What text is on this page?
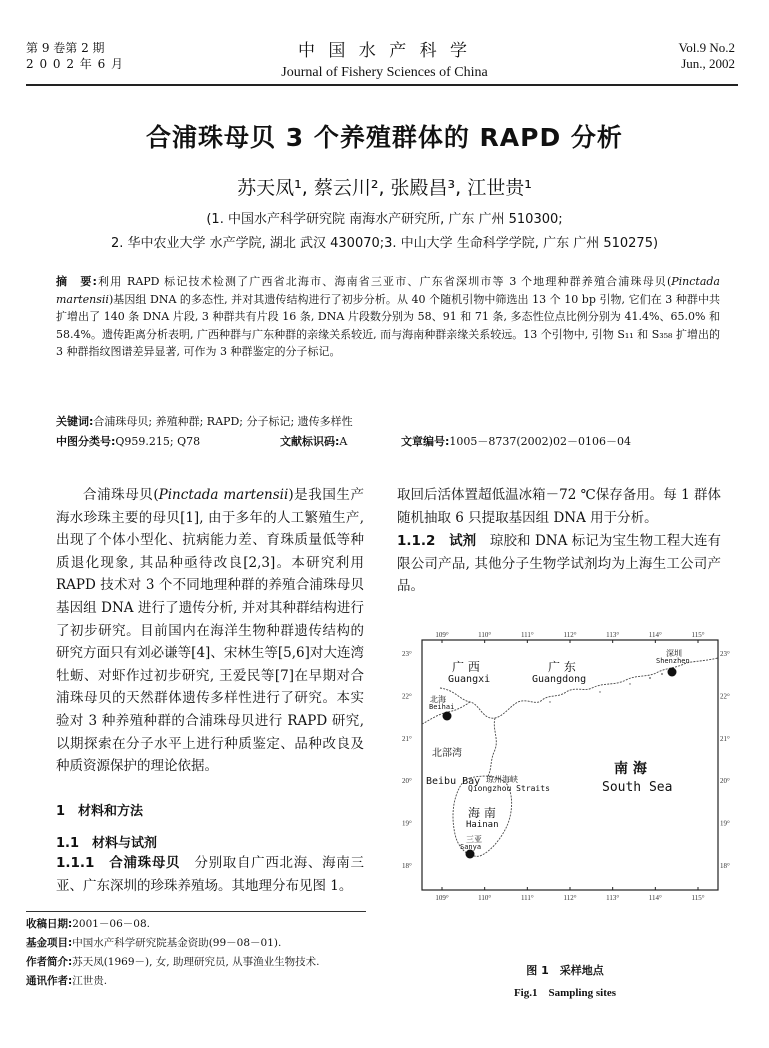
第 9 卷第 2 期
2 0 0 2 年 6 月
中 国 水 产 科 学
Journal of Fishery Sciences of China
Vol.9 No.2
Jun., 2002
合浦珠母贝 3 个养殖群体的 RAPD 分析
苏天凤¹, 蔡云川², 张殿昌³, 江世贵¹
(1. 中国水产科学研究院 南海水产研究所, 广东 广州 510300;
2. 华中农业大学 水产学院, 湖北 武汉 430070;3. 中山大学 生命科学学院, 广东 广州 510275)
摘　要:利用 RAPD 标记技术检测了广西省北海市、海南省三亚市、广东省深圳市等 3 个地理种群养殖合浦珠母贝(Pinctada martensii)基因组 DNA 的多态性, 并对其遗传结构进行了初步分析。从 40 个随机引物中筛选出 13 个 10 bp 引物, 它们在 3 种群中共扩增出了 140 条 DNA 片段, 3 种群共有片段 16 条, DNA 片段数分别为 58、91 和 71 条, 多态性位点比例分别为 41.4%、65.0% 和 58.4%。遗传距离分析表明, 广西种群与广东种群的亲缘关系较近, 而与海南种群亲缘关系较远。13 个引物中, 引物 S₁₁ 和 S₃₅₈ 扩增出的 3 种群指纹图谱差异显著, 可作为 3 种群鉴定的分子标记。
关键词:合浦珠母贝; 养殖种群; RAPD; 分子标记; 遗传多样性
中图分类号:Q959.215; Q78	文献标识码:A	文章编号:1005－8737(2002)02－0106－04
合浦珠母贝(Pinctada martensii)是我国生产海水珍珠主要的母贝[1], 由于多年的人工繁殖生产, 出现了个体小型化、抗病能力差、育珠质量低等种质退化现象, 其品种亟待改良[2,3]。本研究利用 RAPD 技术对 3 个不同地理种群的养殖合浦珠母贝基因组 DNA 进行了遗传分析, 并对其种群结构进行了初步研究。目前国内在海洋生物种群遗传结构的研究方面只有刘必谦等[4]、宋林生等[5,6]对大连湾牡蛎、对虾作过初步研究, 王爱民等[7]在早期对合浦珠母贝的天然群体遗传多样性进行了研究。本实验对 3 种养殖种群的合浦珠母贝进行 RAPD 研究, 以期探索在分子水平上进行种质鉴定、品种改良及种质资源保护的理论依据。
1　材料和方法
1.1　材料与试剂
1.1.1　合浦珠母贝　 分别取自广西北海、海南三亚、广东深圳的珍珠养殖场。其地理分布见图 1。
收稿日期:2001－06－08.
基金项目:中国水产科学研究院基金资助(99－08－01).
作者简介:苏天凤(1969－), 女, 助理研究员, 从事渔业生物技术.
通讯作者:江世贵.
取回后活体置超低温冰箱－72 ℃保存备用。每 1 群体随机抽取 6 只提取基因组 DNA 用于分析。
1.1.2　试剂　 琼胶和 DNA 标记为宝生物工程大连有限公司产品, 其他分子生物学试剂均为上海生工公司产品。
109°
109°
110°
110°
111°
111°
112°
112°
113°
113°
114°
114°
115°
115°
23°	23°
22°	22°
21°	21°
20°	20°
19°	19°
18°	18°
广 西
Guangxi
广 东
Guangdong
深圳
Shenzhen
北海
Beihai
北部湾
Beibu Bay 琼州海峡
Qiongzhou Straits
海 南
Hainan
三亚
Sanya
南 海
South Sea
图 1　采样地点
Fig.1　Sampling sites
